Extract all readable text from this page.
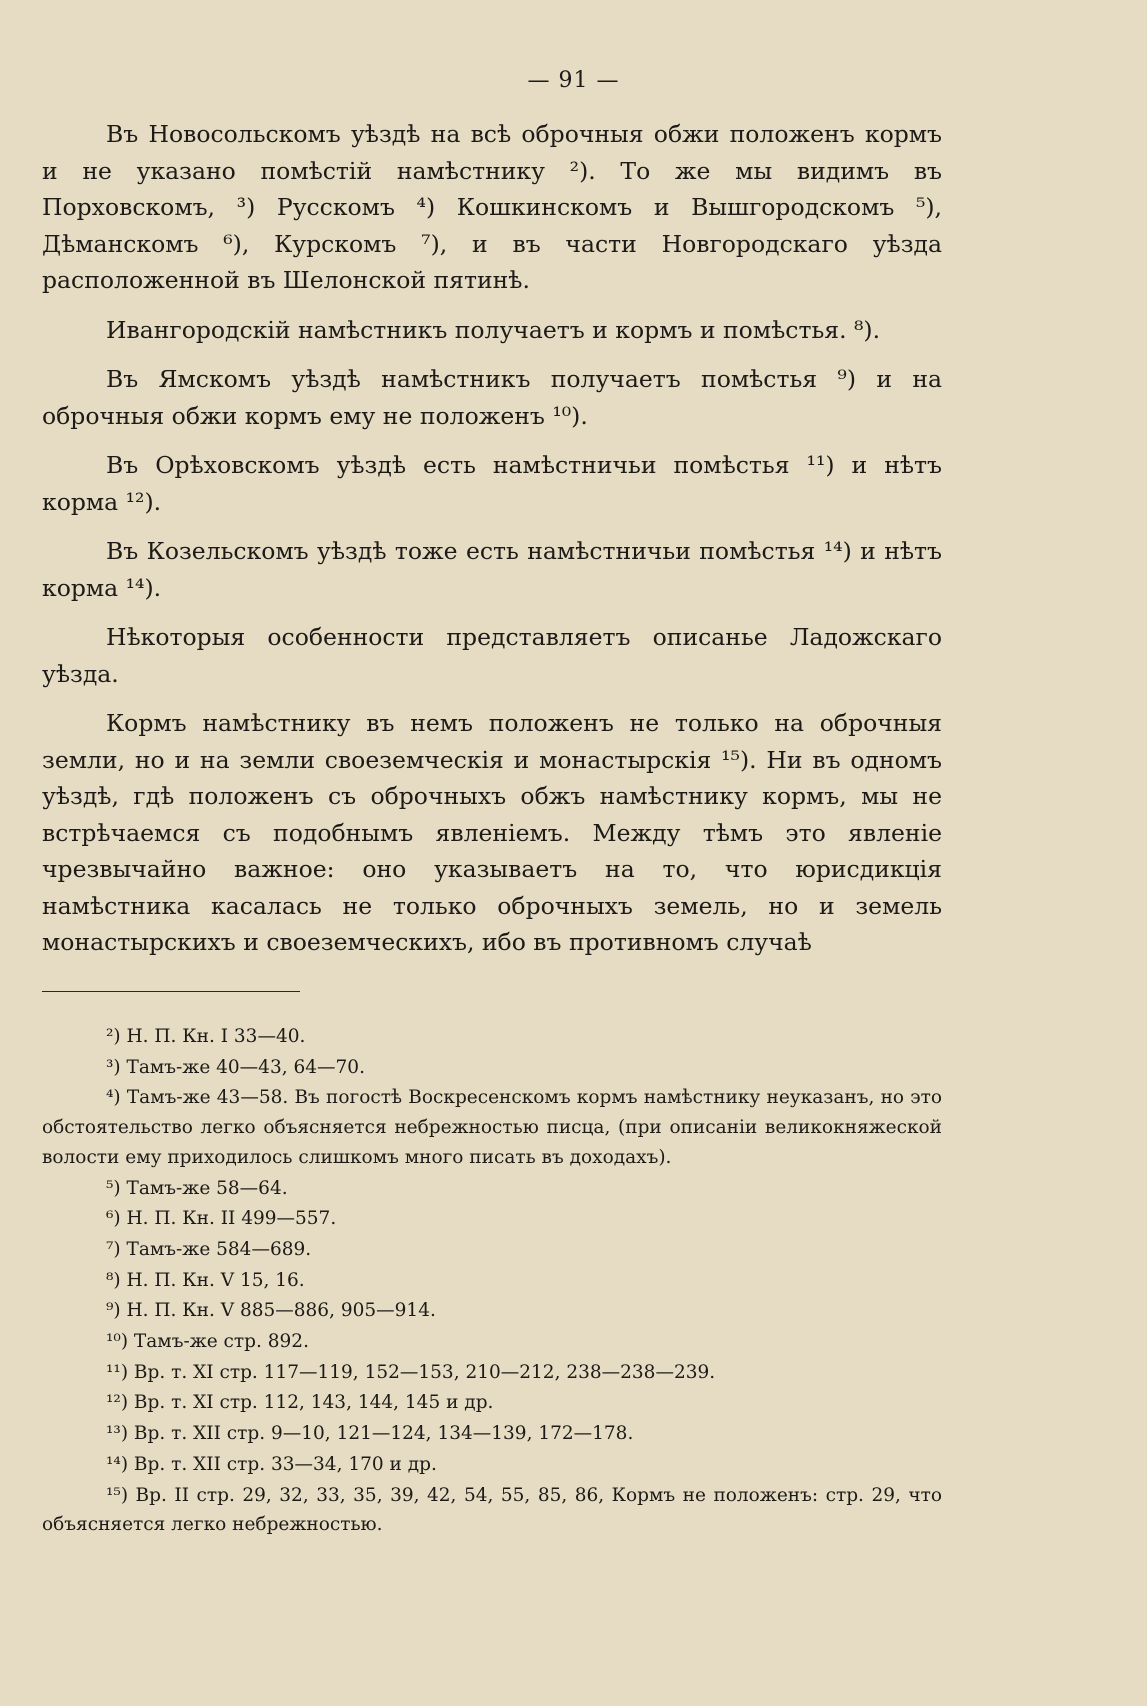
— 91 —

Въ Новосольскомъ уѣздѣ на всѣ оброчныя обжи положенъ кормъ и не указано помѣстій намѣстнику ²). То же мы видимъ въ Порховскомъ, ³) Русскомъ ⁴) Кошкинскомъ и Вышгородскомъ ⁵), Дѣманскомъ ⁶), Курскомъ ⁷), и въ части Новгородскаго уѣзда расположенной въ Шелонской пятинѣ.

Ивангородскій намѣстникъ получаетъ и кормъ и помѣстья. ⁸).

Въ Ямскомъ уѣздѣ намѣстникъ получаетъ помѣстья ⁹) и на оброчныя обжи кормъ ему не положенъ ¹⁰).

Въ Орѣховскомъ уѣздѣ есть намѣстничьи помѣстья ¹¹) и нѣтъ корма ¹²).

Въ Козельскомъ уѣздѣ тоже есть намѣстничьи помѣстья ¹⁴) и нѣтъ корма ¹⁴).

Нѣкоторыя особенности представляетъ описанье Ладожскаго уѣзда.

Кормъ намѣстнику въ немъ положенъ не только на оброчныя земли, но и на земли своеземческія и монастырскія ¹⁵). Ни въ одномъ уѣздѣ, гдѣ положенъ съ оброчныхъ обжъ намѣстнику кормъ, мы не встрѣчаемся съ подобнымъ явленіемъ. Между тѣмъ это явленіе чрезвычайно важное: оно указываетъ на то, что юрисдикція намѣстника касалась не только оброчныхъ земель, но и земель монастырскихъ и своеземческихъ, ибо въ противномъ случаѣ

²) Н. П. Кн. I 33—40.

³) Тамъ-же 40—43, 64—70.

⁴) Тамъ-же 43—58. Въ погостѣ Воскресенскомъ кормъ намѣстнику неуказанъ, но это обстоятельство легко объясняется небрежностью писца, (при описаніи великокняжеской волости ему приходилось слишкомъ много писать въ доходахъ).

⁵) Тамъ-же 58—64.

⁶) Н. П. Кн. II 499—557.

⁷) Тамъ-же 584—689.

⁸) Н. П. Кн. V 15, 16.

⁹) Н. П. Кн. V 885—886, 905—914.

¹⁰) Тамъ-же стр. 892.

¹¹) Вр. т. XI стр. 117—119, 152—153, 210—212, 238—238—239.

¹²) Вр. т. XI стр. 112, 143, 144, 145 и др.

¹³) Вр. т. XII стр. 9—10, 121—124, 134—139, 172—178.

¹⁴) Вр. т. XII стр. 33—34, 170 и др.

¹⁵) Вр. II стр. 29, 32, 33, 35, 39, 42, 54, 55, 85, 86, Кормъ не положенъ: стр. 29, что объясняется легко небрежностью.
